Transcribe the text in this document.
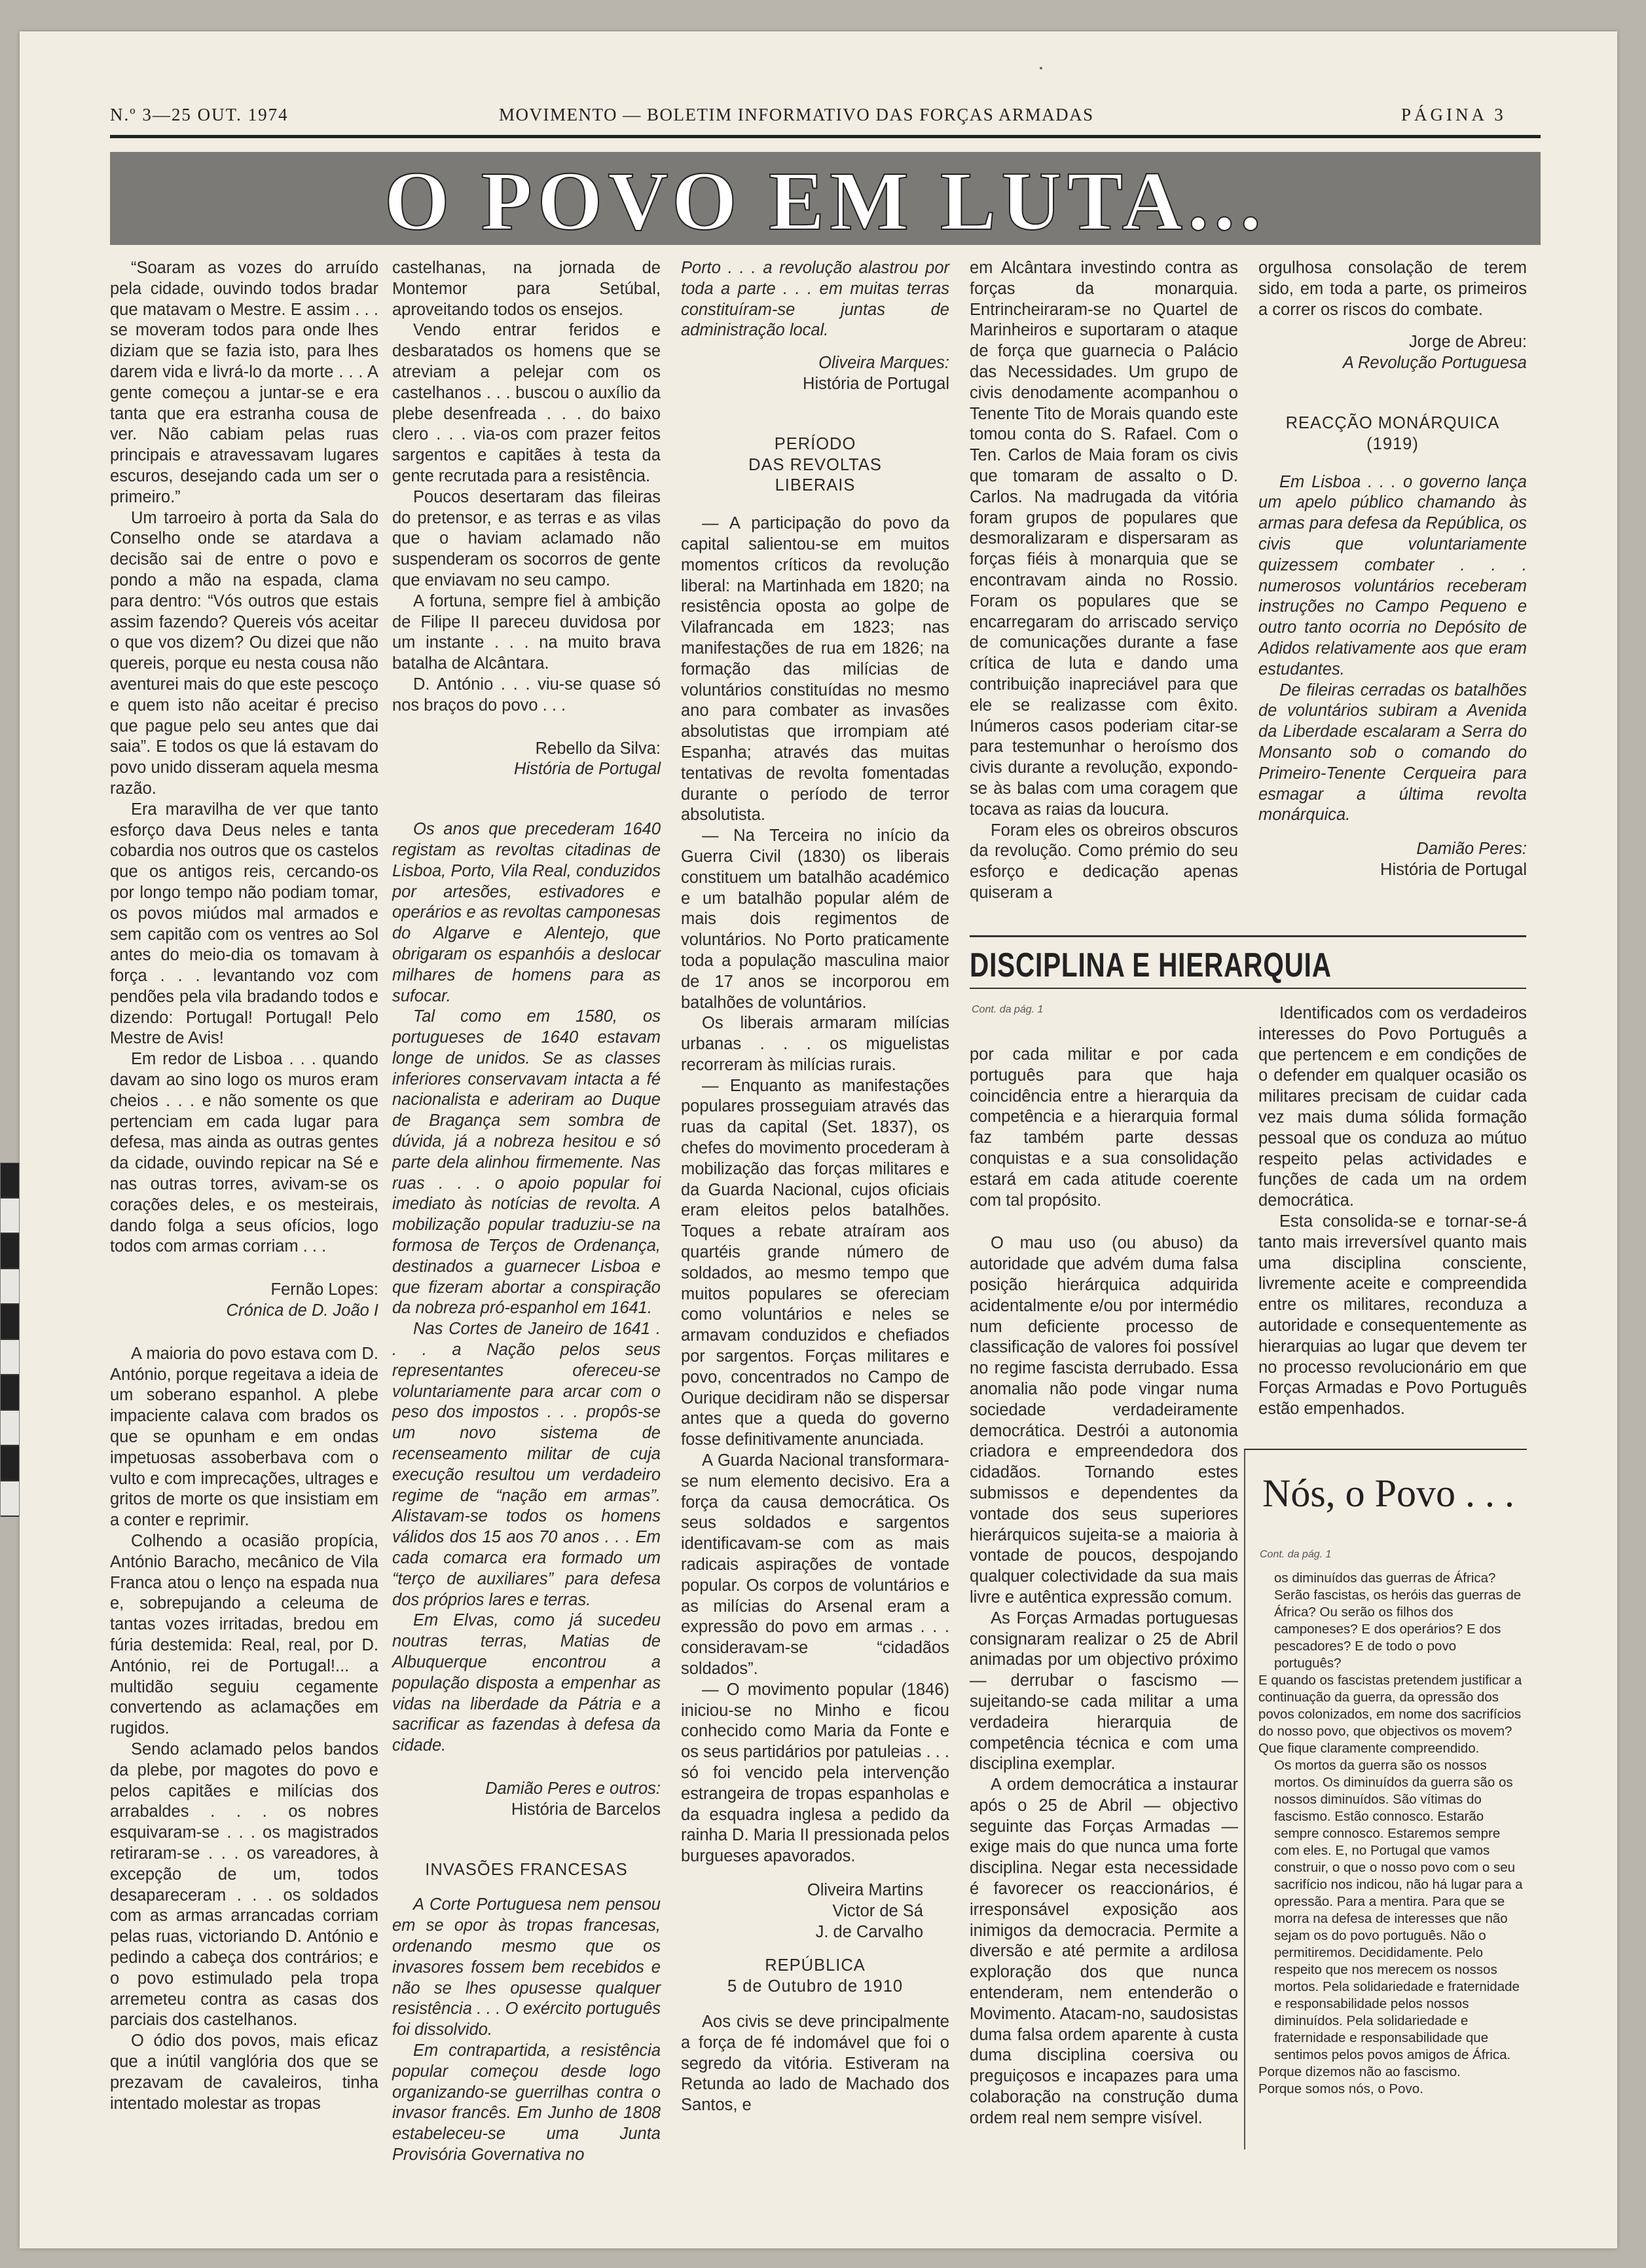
N.º 3—25 OUT. 1974	MOVIMENTO — BOLETIM INFORMATIVO DAS FORÇAS ARMADAS	PÁGINA 3
O POVO EM LUTA...

“Soaram as vozes do arruído pela cidade, ouvindo todos bradar que matavam o Mestre. E assim . . . se moveram todos para onde lhes diziam que se fazia isto, para lhes darem vida e livrá-lo da morte . . . A gente começou a juntar-se e era tanta que era estranha cousa de ver. Não cabiam pelas ruas principais e atravessavam lugares escuros, desejando cada um ser o primeiro.”

Um tarroeiro à porta da Sala do Conselho onde se atardava a decisão sai de entre o povo e pondo a mão na espada, clama para dentro: “Vós outros que estais assim fazendo? Quereis vós aceitar o que vos dizem? Ou dizei que não quereis, porque eu nesta cousa não aventurei mais do que este pescoço e quem isto não aceitar é preciso que pague pelo seu antes que dai saia”. E todos os que lá estavam do povo unido disseram aquela mesma razão.

Era maravilha de ver que tanto esforço dava Deus neles e tanta cobardia nos outros que os castelos que os antigos reis, cercando-os por longo tempo não podiam tomar, os povos miúdos mal armados e sem capitão com os ventres ao Sol antes do meio-dia os tomavam à força . . . levantando voz com pendões pela vila bradando todos e dizendo: Portugal! Portugal! Pelo Mestre de Avis!

Em redor de Lisboa . . . quando davam ao sino logo os muros eram cheios . . . e não somente os que pertenciam em cada lugar para defesa, mas ainda as outras gentes da cidade, ouvindo repicar na Sé e nas outras torres, avivam-se os corações deles, e os mesteirais, dando folga a seus ofícios, logo todos com armas corriam . . .

Fernão Lopes:

Crónica de D. João I

A maioria do povo estava com D. António, porque regeitava a ideia de um soberano espanhol. A plebe impaciente calava com brados os que se opunham e em ondas impetuosas assoberbava com o vulto e com imprecações, ultrages e gritos de morte os que insistiam em a conter e reprimir.

Colhendo a ocasião propícia, António Baracho, mecânico de Vila Franca atou o lenço na espada nua e, sobrepujando a celeuma de tantas vozes irritadas, bredou em fúria destemida: Real, real, por D. António, rei de Portugal!... a multidão seguiu cegamente convertendo as aclamações em rugidos.

Sendo aclamado pelos bandos da plebe, por magotes do povo e pelos capitães e milícias dos arrabaldes . . . os nobres esquivaram-se . . . os magistrados retiraram-se . . . os vareadores, à excepção de um, todos desapareceram . . . os soldados com as armas arrancadas corriam pelas ruas, victoriando D. António e pedindo a cabeça dos contrários; e o povo estimulado pela tropa arremeteu contra as casas dos parciais dos castelhanos.

O ódio dos povos, mais eficaz que a inútil vanglória dos que se prezavam de cavaleiros, tinha intentado molestar as tropas

castelhanas, na jornada de Montemor para Setúbal, aproveitando todos os ensejos.

Vendo entrar feridos e desbaratados os homens que se atreviam a pelejar com os castelhanos . . . buscou o auxílio da plebe desenfreada . . . do baixo clero . . . via-os com prazer feitos sargentos e capitães à testa da gente recrutada para a resistência.

Poucos desertaram das fileiras do pretensor, e as terras e as vilas que o haviam aclamado não suspenderam os socorros de gente que enviavam no seu campo.

A fortuna, sempre fiel à ambição de Filipe II pareceu duvidosa por um instante . . . na muito brava batalha de Alcântara.

D. António . . . viu-se quase só nos braços do povo . . .

Rebello da Silva:

História de Portugal

Os anos que precederam 1640 registam as revoltas citadinas de Lisboa, Porto, Vila Real, conduzidos por artesões, estivadores e operários e as revoltas camponesas do Algarve e Alentejo, que obrigaram os espanhóis a deslocar milhares de homens para as sufocar.

Tal como em 1580, os portugueses de 1640 estavam longe de unidos. Se as classes inferiores conservavam intacta a fé nacionalista e aderiram ao Duque de Bragança sem sombra de dúvida, já a nobreza hesitou e só parte dela alinhou firmemente. Nas ruas . . . o apoio popular foi imediato às notícias de revolta. A mobilização popular traduziu-se na formosa de Terços de Ordenança, destinados a guarnecer Lisboa e que fizeram abortar a conspiração da nobreza pró-espanhol em 1641.

Nas Cortes de Janeiro de 1641 . . . a Nação pelos seus representantes ofereceu-se voluntariamente para arcar com o peso dos impostos . . . propôs-se um novo sistema de recenseamento militar de cuja execução resultou um verdadeiro regime de “nação em armas”. Alistavam-se todos os homens válidos dos 15 aos 70 anos . . . Em cada comarca era formado um “terço de auxiliares” para defesa dos próprios lares e terras.

Em Elvas, como já sucedeu noutras terras, Matias de Albuquerque encontrou a população disposta a empenhar as vidas na liberdade da Pátria e a sacrificar as fazendas à defesa da cidade.

Damião Peres e outros:

História de Barcelos

INVASÕES FRANCESAS

A Corte Portuguesa nem pensou em se opor às tropas francesas, ordenando mesmo que os invasores fossem bem recebidos e não se lhes opusesse qualquer resistência . . . O exército português foi dissolvido.

Em contrapartida, a resistência popular começou desde logo organizando-se guerrilhas contra o invasor francês. Em Junho de 1808 estabeleceu-se uma Junta Provisória Governativa no

Porto . . . a revolução alastrou por toda a parte . . . em muitas terras constituíram-se juntas de administração local.

Oliveira Marques:

História de Portugal

PERÍODO

DAS REVOLTAS

LIBERAIS

— A participação do povo da capital salientou-se em muitos momentos críticos da revolução liberal: na Martinhada em 1820; na resistência oposta ao golpe de Vilafrancada em 1823; nas manifestações de rua em 1826; na formação das milícias de voluntários constituídas no mesmo ano para combater as invasões absolutistas que irrompiam até Espanha; através das muitas tentativas de revolta fomentadas durante o período de terror absolutista.

— Na Terceira no início da Guerra Civil (1830) os liberais constituem um batalhão académico e um batalhão popular além de mais dois regimentos de voluntários. No Porto praticamente toda a população masculina maior de 17 anos se incorporou em batalhões de voluntários.

Os liberais armaram milícias urbanas . . . os miguelistas recorreram às milícias rurais.

— Enquanto as manifestações populares prosseguiam através das ruas da capital (Set. 1837), os chefes do movimento procederam à mobilização das forças militares e da Guarda Nacional, cujos oficiais eram eleitos pelos batalhões. Toques a rebate atraíram aos quartéis grande número de soldados, ao mesmo tempo que muitos populares se ofereciam como voluntários e neles se armavam conduzidos e chefiados por sargentos. Forças militares e povo, concentrados no Campo de Ourique decidiram não se dispersar antes que a queda do governo fosse definitivamente anunciada.

A Guarda Nacional transformara-se num elemento decisivo. Era a força da causa democrática. Os seus soldados e sargentos identificavam-se com as mais radicais aspirações de vontade popular. Os corpos de voluntários e as milícias do Arsenal eram a expressão do povo em armas . . . consideravam-se “cidadãos soldados”.

— O movimento popular (1846) iniciou-se no Minho e ficou conhecido como Maria da Fonte e os seus partidários por patuleias . . . só foi vencido pela intervenção estrangeira de tropas espanholas e da esquadra inglesa a pedido da rainha D. Maria II pressionada pelos burgueses apavorados.

Oliveira Martins

Victor de Sá

J. de Carvalho

REPÚBLICA

5 de Outubro de 1910

Aos civis se deve principalmente a força de fé indomável que foi o segredo da vitória. Estiveram na Retunda ao lado de Machado dos Santos, e

em Alcântara investindo contra as forças da monarquia. Entrincheiraram-se no Quartel de Marinheiros e suportaram o ataque de força que guarnecia o Palácio das Necessidades. Um grupo de civis denodamente acompanhou o Tenente Tito de Morais quando este tomou conta do S. Rafael. Com o Ten. Carlos de Maia foram os civis que tomaram de assalto o D. Carlos. Na madrugada da vitória foram grupos de populares que desmoralizaram e dispersaram as forças fiéis à monarquia que se encontravam ainda no Rossio. Foram os populares que se encarregaram do arriscado serviço de comunicações durante a fase crítica de luta e dando uma contribuição inapreciável para que ele se realizasse com êxito. Inúmeros casos poderiam citar-se para testemunhar o heroísmo dos civis durante a revolução, expondo-se às balas com uma coragem que tocava as raias da loucura.

Foram eles os obreiros obscuros da revolução. Como prémio do seu esforço e dedicação apenas quiseram a

orgulhosa consolação de terem sido, em toda a parte, os primeiros a correr os riscos do combate.

Jorge de Abreu:

A Revolução Portuguesa

REACÇÃO MONÁRQUICA

(1919)

Em Lisboa . . . o governo lança um apelo público chamando às armas para defesa da República, os civis que voluntariamente quizessem combater . . . numerosos voluntários receberam instruções no Campo Pequeno e outro tanto ocorria no Depósito de Adidos relativamente aos que eram estudantes.

De fileiras cerradas os batalhões de voluntários subiram a Avenida da Liberdade escalaram a Serra do Monsanto sob o comando do Primeiro-Tenente Cerqueira para esmagar a última revolta monárquica.

Damião Peres:

História de Portugal

DISCIPLINA E HIERARQUIA
Cont. da pág. 1

por cada militar e por cada português para que haja coincidência entre a hierarquia da competência e a hierarquia formal faz também parte dessas conquistas e a sua consolidação estará em cada atitude coerente com tal propósito.

O mau uso (ou abuso) da autoridade que advém duma falsa posição hierárquica adquirida acidentalmente e/ou por intermédio num deficiente processo de classificação de valores foi possível no regime fascista derrubado. Essa anomalia não pode vingar numa sociedade verdadeiramente democrática. Destrói a autonomia criadora e empreendedora dos cidadãos. Tornando estes submissos e dependentes da vontade dos seus superiores hierárquicos sujeita-se a maioria à vontade de poucos, despojando qualquer colectividade da sua mais livre e autêntica expressão comum.

As Forças Armadas portuguesas consignaram realizar o 25 de Abril animadas por um objectivo próximo — derrubar o fascismo — sujeitando-se cada militar a uma verdadeira hierarquia de competência técnica e com uma disciplina exemplar.

A ordem democrática a instaurar após o 25 de Abril — objectivo seguinte das Forças Armadas — exige mais do que nunca uma forte disciplina. Negar esta necessidade é favorecer os reaccionários, é irresponsável exposição aos inimigos da democracia. Permite a diversão e até permite a ardilosa exploração dos que nunca entenderam, nem entenderão o Movimento. Atacam-no, saudosistas duma falsa ordem aparente à custa duma disciplina coersiva ou preguiçosos e incapazes para uma colaboração na construção duma ordem real nem sempre visível.

Identificados com os verdadeiros interesses do Povo Português a que pertencem e em condições de o defender em qualquer ocasião os militares precisam de cuidar cada vez mais duma sólida formação pessoal que os conduza ao mútuo respeito pelas actividades e funções de cada um na ordem democrática.

Esta consolida-se e tornar-se-á tanto mais irreversível quanto mais uma disciplina consciente, livremente aceite e compreendida entre os militares, reconduza a autoridade e consequentemente as hierarquias ao lugar que devem ter no processo revolucionário em que Forças Armadas e Povo Português estão empenhados.

Nós, o Povo . . .
Cont. da pág. 1

os diminuídos das guerras de África?

Serão fascistas, os heróis das guerras de África? Ou serão os filhos dos camponeses? E dos operários? E dos pescadores? E de todo o povo português?

E quando os fascistas pretendem justificar a continuação da guerra, da opressão dos povos colonizados, em nome dos sacrifícios do nosso povo, que objectivos os movem?

Que fique claramente compreendido.

Os mortos da guerra são os nossos mortos. Os diminuídos da guerra são os nossos diminuídos. São vítimas do fascismo. Estão connosco. Estarão sempre connosco. Estaremos sempre com eles. E, no Portugal que vamos construir, o que o nosso povo com o seu sacrifício nos indicou, não há lugar para a opressão. Para a mentira. Para que se morra na defesa de interesses que não sejam os do povo português. Não o permitiremos. Decididamente. Pelo respeito que nos merecem os nossos mortos. Pela solidariedade e fraternidade e responsabilidade pelos nossos diminuídos. Pela solidariedade e fraternidade e responsabilidade que sentimos pelos povos amigos de África.

Porque dizemos não ao fascismo.

Porque somos nós, o Povo.
